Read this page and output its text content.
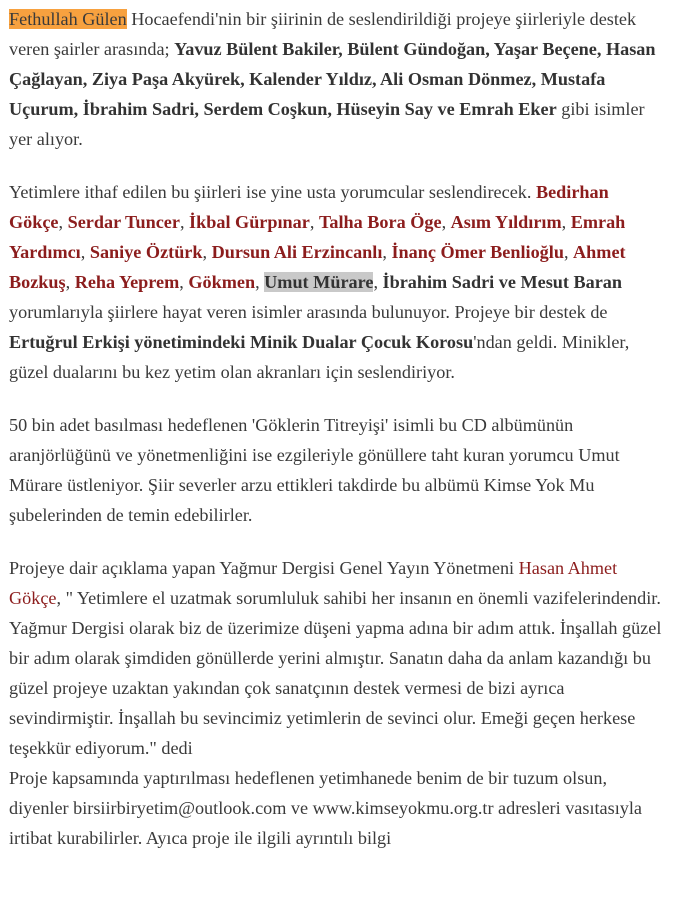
Fethullah Gülen Hocaefendi'nin bir şiirinin de seslendirildiği projeye şiirleriyle destek veren şairler arasında; Yavuz Bülent Bakiler, Bülent Gündoğan, Yaşar Beçene, Hasan Çağlayan, Ziya Paşa Akyürek, Kalender Yıldız, Ali Osman Dönmez, Mustafa Uçurum, İbrahim Sadri, Serdem Coşkun, Hüseyin Say ve Emrah Eker gibi isimler yer alıyor.

Yetimlere ithaf edilen bu şiirleri ise yine usta yorumcular seslendirecek. Bedirhan Gökçe, Serdar Tuncer, İkbal Gürpınar, Talha Bora Öge, Asım Yıldırım, Emrah Yardımcı, Saniye Öztürk, Dursun Ali Erzincanlı, İnanç Ömer Benlioğlu, Ahmet Bozkuş, Reha Yeprem, Gökmen, Umut Mürare, İbrahim Sadri ve Mesut Baran yorumlarıyla şiirlere hayat veren isimler arasında bulunuyor. Projeye bir destek de Ertuğrul Erkişi yönetimindeki Minik Dualar Çocuk Korosu'ndan geldi. Minikler, güzel dualarını bu kez yetim olan akranları için seslendiriyor.

50 bin adet basılması hedeflenen 'Göklerin Titreyişi' isimli bu CD albümünün aranjörlüğünü ve yönetmenliğini ise ezgileriyle gönüllere taht kuran yorumcu Umut Mürare üstleniyor. Şiir severler arzu ettikleri takdirde bu albümü Kimse Yok Mu şubelerinden de temin edebilirler.

Projeye dair açıklama yapan Yağmur Dergisi Genel Yayın Yönetmeni Hasan Ahmet Gökçe, " Yetimlere el uzatmak sorumluluk sahibi her insanın en önemli vazifelerindendir. Yağmur Dergisi olarak biz de üzerimize düşeni yapma adına bir adım attık. İnşallah güzel bir adım olarak şimdiden gönüllerde yerini almıştır. Sanatın daha da anlam kazandığı bu güzel projeye uzaktan yakından çok sanatçının destek vermesi de bizi ayrıca sevindirmiştir. İnşallah bu sevincimiz yetimlerin de sevinci olur. Emeği geçen herkese teşekkür ediyorum." dedi

Proje kapsamında yaptırılması hedeflenen yetimhanede benim de bir tuzum olsun, diyenler birsiirbiryetim@outlook.com ve www.kimseyokmu.org.tr adresleri vasıtasıyla irtibat kurabilirler. Ayıca proje ile ilgili ayrıntılı bilgi
